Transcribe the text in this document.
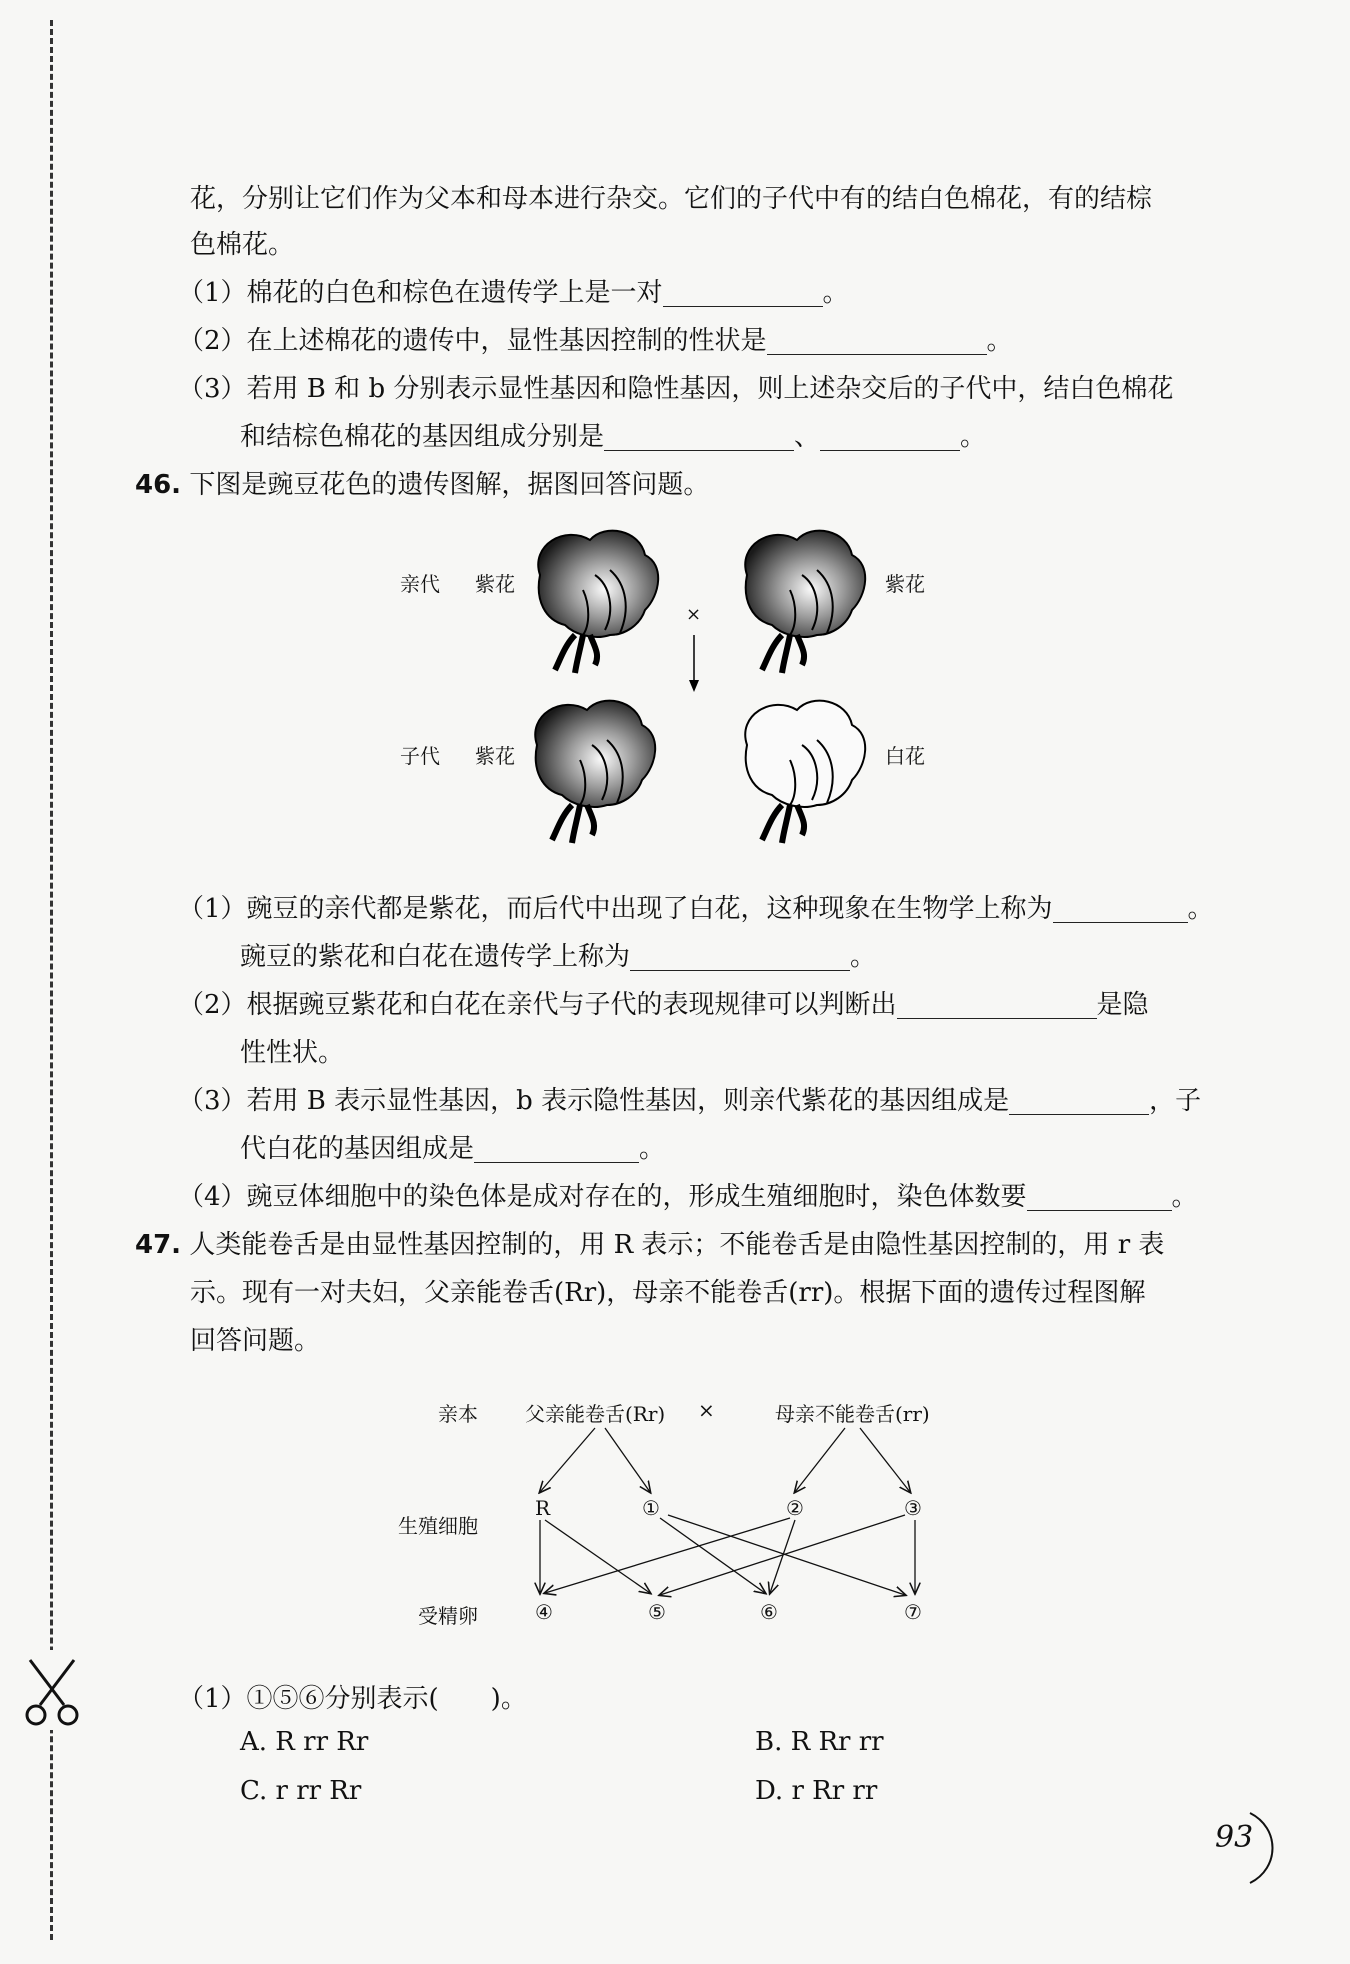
花，分别让它们作为父本和母本进行杂交。它们的子代中有的结白色棉花，有的结棕
色棉花。
（1）棉花的白色和棕色在遗传学上是一对	。
（2）在上述棉花的遗传中，显性基因控制的性状是	。
（3）若用 B 和 b 分别表示显性基因和隐性基因，则上述杂交后的子代中，结白色棉花
和结棕色棉花的基因组成分别是	、	。
46. 下图是豌豆花色的遗传图解，据图回答问题。
亲代 紫花	紫花
子代 紫花	白花
×
（1）豌豆的亲代都是紫花，而后代中出现了白花，这种现象在生物学上称为	。
豌豆的紫花和白花在遗传学上称为	。
（2）根据豌豆紫花和白花在亲代与子代的表现规律可以判断出	是隐
性性状。
（3）若用 B 表示显性基因，b 表示隐性基因，则亲代紫花的基因组成是	，子
代白花的基因组成是	。
（4）豌豆体细胞中的染色体是成对存在的，形成生殖细胞时，染色体数要	。
47. 人类能卷舌是由显性基因控制的，用 R 表示；不能卷舌是由隐性基因控制的，用 r 表
示。现有一对夫妇，父亲能卷舌(Rr)，母亲不能卷舌(rr)。根据下面的遗传过程图解
回答问题。
亲本 父亲能卷舌(Rr) ×	母亲不能卷舌(rr)
生殖细胞
受精卵
R	①	②	③
④	⑤	⑥	⑦
（1）①⑤⑥分别表示(　　)。
A. R rr Rr	B. R Rr rr
C. r rr Rr	D. r Rr rr
93
